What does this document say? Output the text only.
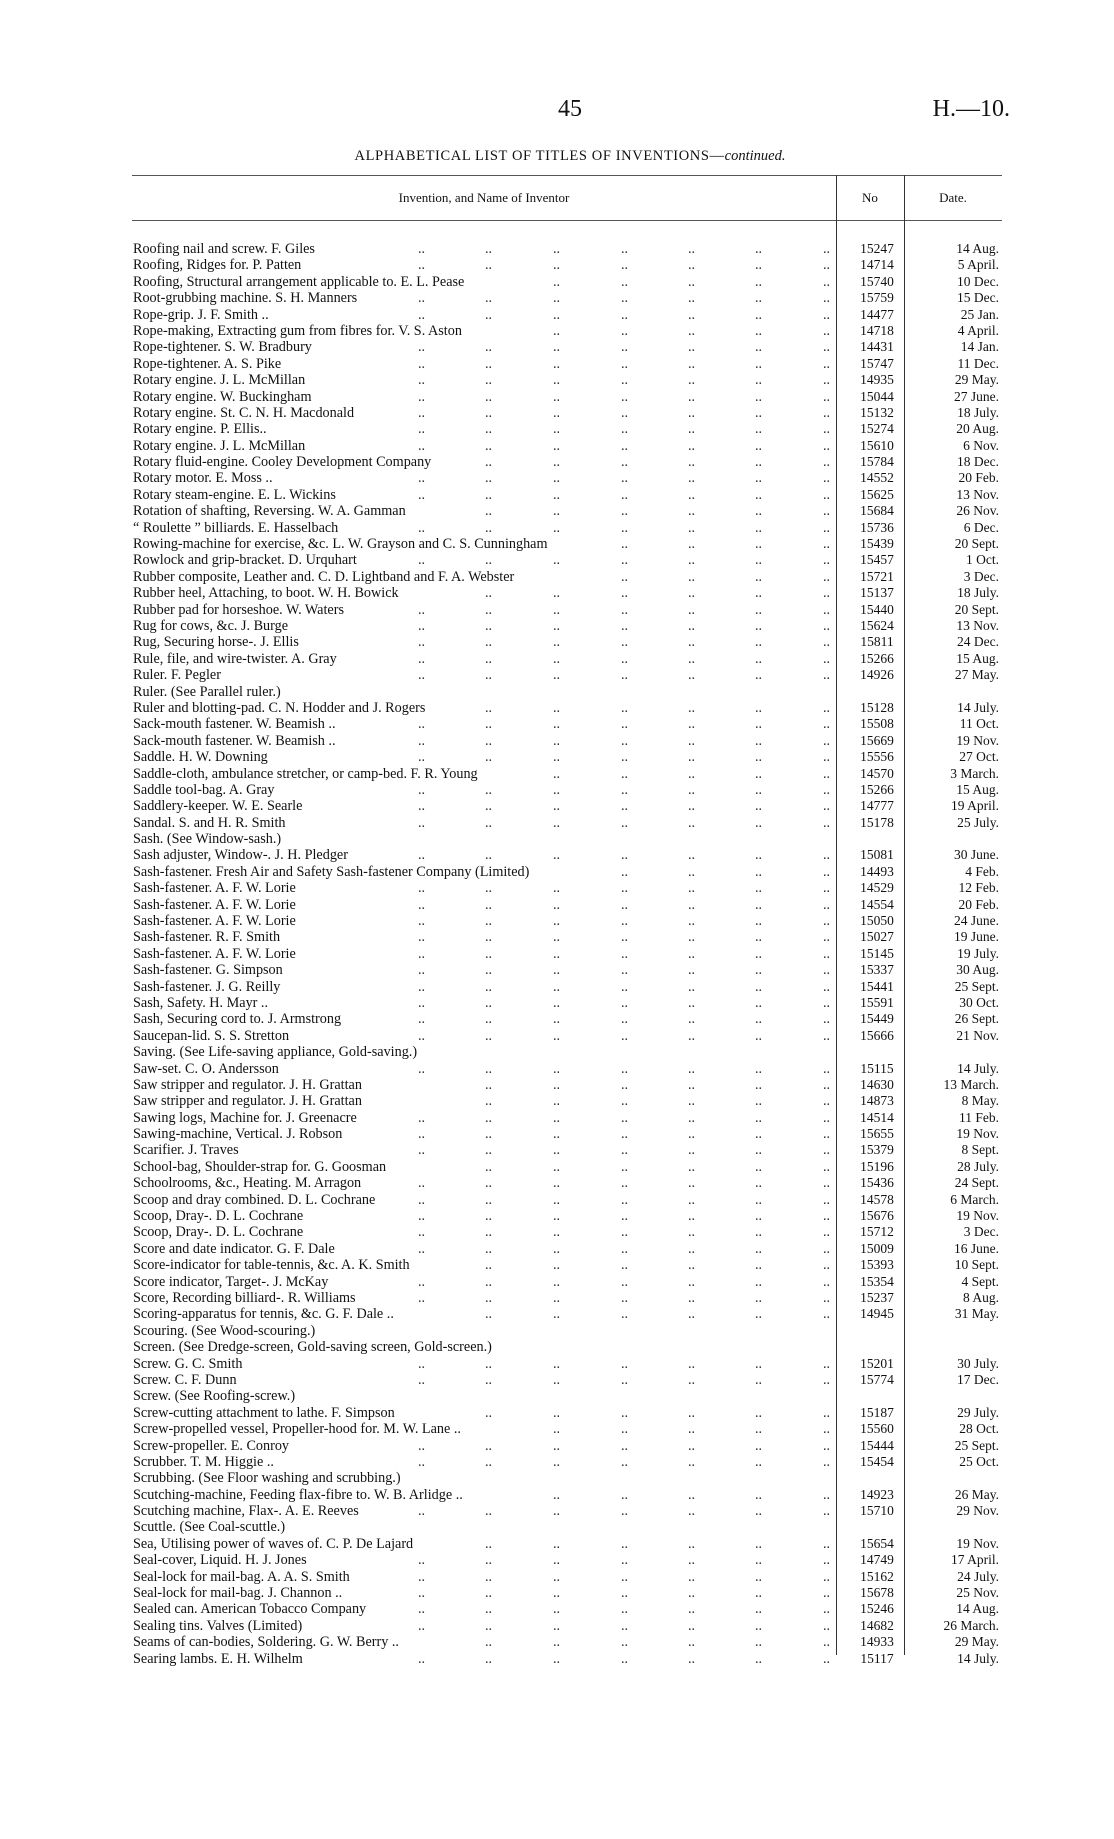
45	H.—10.
ALPHABETICAL LIST OF TITLES OF INVENTIONS—continued.
Invention, and Name of Inventor	No	Date.
Roofing nail and screw. F. Giles	..	..	..	..	..	..	..	15247	14 Aug.
Roofing, Ridges for. P. Patten	..	..	..	..	..	..	..	14714	5 April.
Roofing, Structural arrangement applicable to. E. L. Pease	..	..	..	..	..	15740	10 Dec.
Root-grubbing machine. S. H. Manners	..	..	..	..	..	..	..	15759	15 Dec.
Rope-grip. J. F. Smith ..	..	..	..	..	..	..	..	14477	25 Jan.
Rope-making, Extracting gum from fibres for. V. S. Aston	..	..	..	..	..	14718	4 April.
Rope-tightener. S. W. Bradbury	..	..	..	..	..	..	..	14431	14 Jan.
Rope-tightener. A. S. Pike	..	..	..	..	..	..	..	15747	11 Dec.
Rotary engine. J. L. McMillan	..	..	..	..	..	..	..	14935	29 May.
Rotary engine. W. Buckingham	..	..	..	..	..	..	..	15044	27 June.
Rotary engine. St. C. N. H. Macdonald	..	..	..	..	..	..	..	15132	18 July.
Rotary engine. P. Ellis..	..	..	..	..	..	..	..	15274	20 Aug.
Rotary engine. J. L. McMillan	..	..	..	..	..	..	..	15610	6 Nov.
Rotary fluid-engine. Cooley Development Company	..	..	..	..	..	..	15784	18 Dec.
Rotary motor. E. Moss ..	..	..	..	..	..	..	..	14552	20 Feb.
Rotary steam-engine. E. L. Wickins	..	..	..	..	..	..	..	15625	13 Nov.
Rotation of shafting, Reversing. W. A. Gamman	..	..	..	..	..	..	15684	26 Nov.
“ Roulette ” billiards. E. Hasselbach	..	..	..	..	..	..	..	15736	6 Dec.
Rowing-machine for exercise, &c. L. W. Grayson and C. S. Cunningham	..	..	..	..	15439	20 Sept.
Rowlock and grip-bracket. D. Urquhart	..	..	..	..	..	..	..	15457	1 Oct.
Rubber composite, Leather and. C. D. Lightband and F. A. Webster	..	..	..	..	15721	3 Dec.
Rubber heel, Attaching, to boot. W. H. Bowick	..	..	..	..	..	..	15137	18 July.
Rubber pad for horseshoe. W. Waters	..	..	..	..	..	..	..	15440	20 Sept.
Rug for cows, &c. J. Burge	..	..	..	..	..	..	..	15624	13 Nov.
Rug, Securing horse-. J. Ellis	..	..	..	..	..	..	..	15811	24 Dec.
Rule, file, and wire-twister. A. Gray	..	..	..	..	..	..	..	15266	15 Aug.
Ruler. F. Pegler	..	..	..	..	..	..	..	14926	27 May.
Ruler. (See Parallel ruler.)
Ruler and blotting-pad. C. N. Hodder and J. Rogers	..	..	..	..	..	..	15128	14 July.
Sack-mouth fastener. W. Beamish ..	..	..	..	..	..	..	..	15508	11 Oct.
Sack-mouth fastener. W. Beamish ..	..	..	..	..	..	..	..	15669	19 Nov.
Saddle. H. W. Downing	..	..	..	..	..	..	..	15556	27 Oct.
Saddle-cloth, ambulance stretcher, or camp-bed. F. R. Young	..	..	..	..	..	14570	3 March.
Saddle tool-bag. A. Gray	..	..	..	..	..	..	..	15266	15 Aug.
Saddlery-keeper. W. E. Searle	..	..	..	..	..	..	..	14777	19 April.
Sandal. S. and H. R. Smith	..	..	..	..	..	..	..	15178	25 July.
Sash. (See Window-sash.)
Sash adjuster, Window-. J. H. Pledger	..	..	..	..	..	..	..	15081	30 June.
Sash-fastener. Fresh Air and Safety Sash-fastener Company (Limited)	..	..	..	..	14493	4 Feb.
Sash-fastener. A. F. W. Lorie	..	..	..	..	..	..	..	14529	12 Feb.
Sash-fastener. A. F. W. Lorie	..	..	..	..	..	..	..	14554	20 Feb.
Sash-fastener. A. F. W. Lorie	..	..	..	..	..	..	..	15050	24 June.
Sash-fastener. R. F. Smith	..	..	..	..	..	..	..	15027	19 June.
Sash-fastener. A. F. W. Lorie	..	..	..	..	..	..	..	15145	19 July.
Sash-fastener. G. Simpson	..	..	..	..	..	..	..	15337	30 Aug.
Sash-fastener. J. G. Reilly	..	..	..	..	..	..	..	15441	25 Sept.
Sash, Safety. H. Mayr ..	..	..	..	..	..	..	..	15591	30 Oct.
Sash, Securing cord to. J. Armstrong	..	..	..	..	..	..	..	15449	26 Sept.
Saucepan-lid. S. S. Stretton	..	..	..	..	..	..	..	15666	21 Nov.
Saving. (See Life-saving appliance, Gold-saving.)
Saw-set. C. O. Andersson	..	..	..	..	..	..	..	15115	14 July.
Saw stripper and regulator. J. H. Grattan	..	..	..	..	..	..	14630	13 March.
Saw stripper and regulator. J. H. Grattan	..	..	..	..	..	..	14873	8 May.
Sawing logs, Machine for. J. Greenacre	..	..	..	..	..	..	..	14514	11 Feb.
Sawing-machine, Vertical. J. Robson	..	..	..	..	..	..	..	15655	19 Nov.
Scarifier. J. Traves	..	..	..	..	..	..	..	15379	8 Sept.
School-bag, Shoulder-strap for. G. Goosman	..	..	..	..	..	..	15196	28 July.
Schoolrooms, &c., Heating. M. Arragon	..	..	..	..	..	..	..	15436	24 Sept.
Scoop and dray combined. D. L. Cochrane	..	..	..	..	..	..	..	14578	6 March.
Scoop, Dray-. D. L. Cochrane	..	..	..	..	..	..	..	15676	19 Nov.
Scoop, Dray-. D. L. Cochrane	..	..	..	..	..	..	..	15712	3 Dec.
Score and date indicator. G. F. Dale	..	..	..	..	..	..	..	15009	16 June.
Score-indicator for table-tennis, &c. A. K. Smith	..	..	..	..	..	..	15393	10 Sept.
Score indicator, Target-. J. McKay	..	..	..	..	..	..	..	15354	4 Sept.
Score, Recording billiard-. R. Williams	..	..	..	..	..	..	..	15237	8 Aug.
Scoring-apparatus for tennis, &c. G. F. Dale ..	..	..	..	..	..	..	14945	31 May.
Scouring. (See Wood-scouring.)
Screen. (See Dredge-screen, Gold-saving screen, Gold-screen.)
Screw. G. C. Smith	..	..	..	..	..	..	..	15201	30 July.
Screw. C. F. Dunn	..	..	..	..	..	..	..	15774	17 Dec.
Screw. (See Roofing-screw.)
Screw-cutting attachment to lathe. F. Simpson	..	..	..	..	..	..	15187	29 July.
Screw-propelled vessel, Propeller-hood for. M. W. Lane ..	..	..	..	..	..	15560	28 Oct.
Screw-propeller. E. Conroy	..	..	..	..	..	..	..	15444	25 Sept.
Scrubber. T. M. Higgie ..	..	..	..	..	..	..	..	15454	25 Oct.
Scrubbing. (See Floor washing and scrubbing.)
Scutching-machine, Feeding flax-fibre to. W. B. Arlidge ..	..	..	..	..	..	14923	26 May.
Scutching machine, Flax-. A. E. Reeves	..	..	..	..	..	..	..	15710	29 Nov.
Scuttle. (See Coal-scuttle.)
Sea, Utilising power of waves of. C. P. De Lajard	..	..	..	..	..	..	15654	19 Nov.
Seal-cover, Liquid. H. J. Jones	..	..	..	..	..	..	..	14749	17 April.
Seal-lock for mail-bag. A. A. S. Smith	..	..	..	..	..	..	..	15162	24 July.
Seal-lock for mail-bag. J. Channon ..	..	..	..	..	..	..	..	15678	25 Nov.
Sealed can. American Tobacco Company	..	..	..	..	..	..	..	15246	14 Aug.
Sealing tins. Valves (Limited)	..	..	..	..	..	..	..	14682	26 March.
Seams of can-bodies, Soldering. G. W. Berry ..	..	..	..	..	..	..	14933	29 May.
Searing lambs. E. H. Wilhelm	..	..	..	..	..	..	..	15117	14 July.
